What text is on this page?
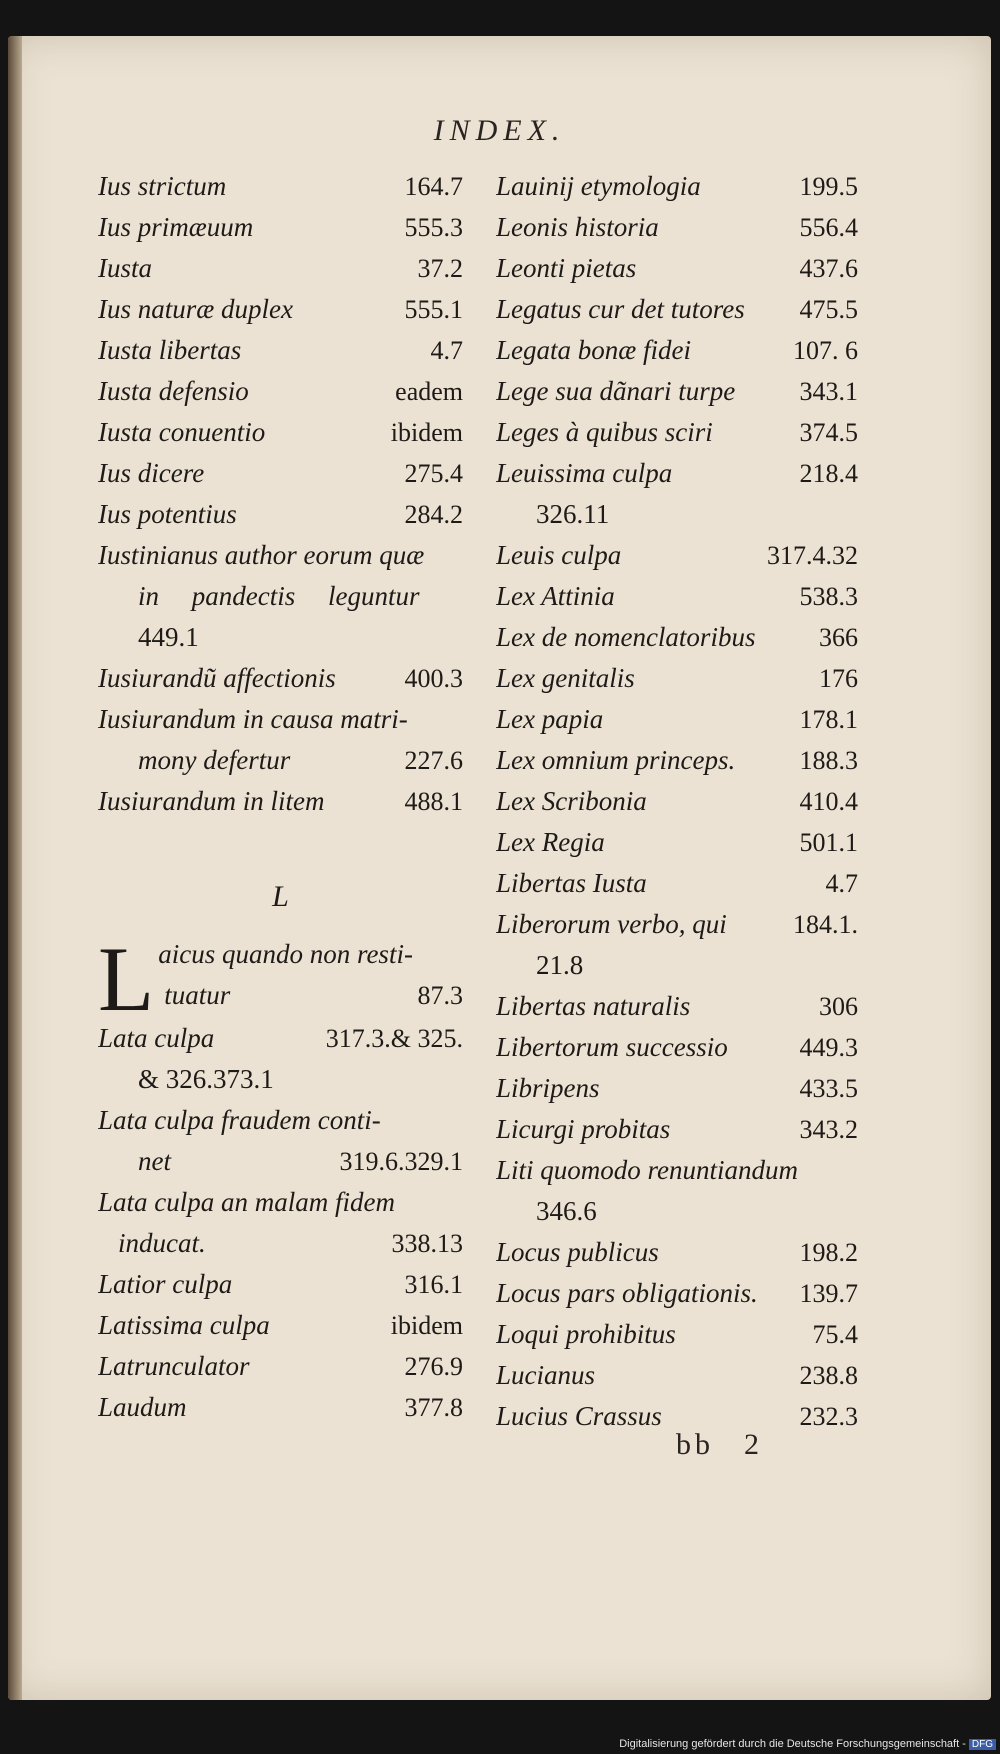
INDEX.
Ius strictum	164.7
Ius primæuum	555.3
Iusta	37.2
Ius naturæ duplex	555.1
Iusta libertas	4.7
Iusta defensio	eadem
Iusta conuentio	ibidem
Ius dicere	275.4
Ius potentius	284.2
Iustinianus author eorum quæ
in pandectis leguntur
449.1
Iusiurandũ affectionis	400.3
Iusiurandum in causa matri-
mony defertur	227.6
Iusiurandum in litem	488.1
L
L aicus quando non resti-
tuatur	87.3
Lata culpa	317.3.& 325.
& 326.373.1
Lata culpa fraudem conti-
net	319.6.329.1
Lata culpa an malam fidem
inducat.	338.13
Latior culpa	316.1
Latissima culpa	ibidem
Latrunculator	276.9
Laudum	377.8
Lauinij etymologia	199.5
Leonis historia	556.4
Leonti pietas	437.6
Legatus cur det tutores	475.5
Legata bonæ fidei	107. 6
Lege sua dãnari turpe	343.1
Leges à quibus sciri	374.5
Leuissima culpa	218.4
326.11
Leuis culpa	317.4.32
Lex Attinia	538.3
Lex de nomenclatoribus	366
Lex genitalis	176
Lex papia	178.1
Lex omnium princeps.	188.3
Lex Scribonia	410.4
Lex Regia	501.1
Libertas Iusta	4.7
Liberorum verbo, qui	184.1.
21.8
Libertas naturalis	306
Libertorum successio	449.3
Libripens	433.5
Licurgi probitas	343.2
Liti quomodo renuntiandum
346.6
Locus publicus	198.2
Locus pars obligationis.	139.7
Loqui prohibitus	75.4
Lucianus	238.8
Lucius Crassus	232.3
bb 2
Digitalisierung gefördert durch die Deutsche Forschungsgemeinschaft - DFG
